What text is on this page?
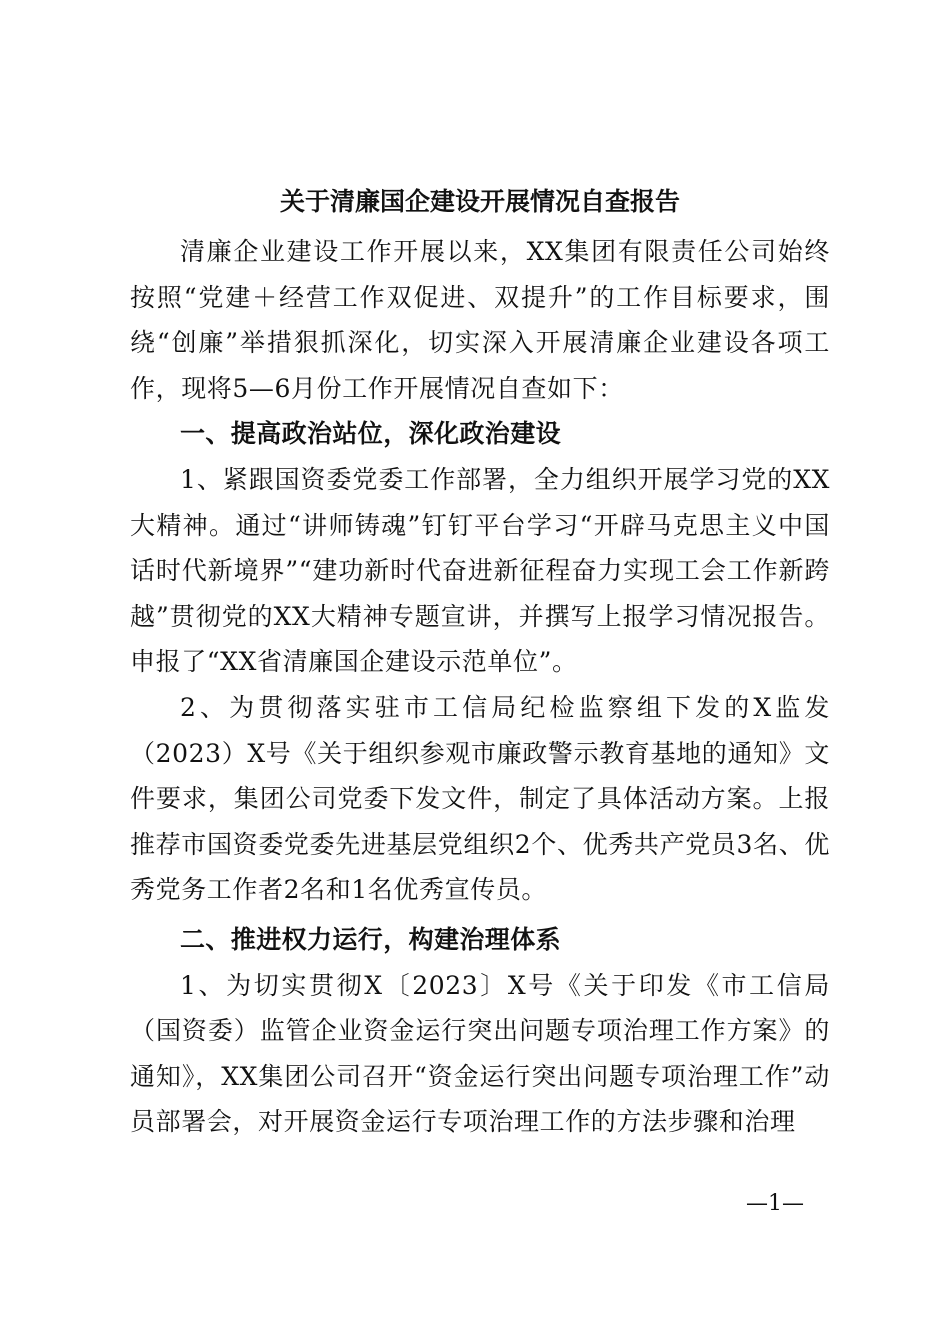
关于清廉国企建设开展情况自查报告

清廉企业建设工作开展以来，XX集团有限责任公司始终按照“党建＋经营工作双促进、双提升”的工作目标要求，围绕“创廉”举措狠抓深化，切实深入开展清廉企业建设各项工作，现将5—6月份工作开展情况自查如下：

一、提高政治站位，深化政治建设

1、紧跟国资委党委工作部署，全力组织开展学习党的XX大精神。通过“讲师铸魂”钉钉平台学习“开辟马克思主义中国话时代新境界”“建功新时代奋进新征程奋力实现工会工作新跨越”贯彻党的XX大精神专题宣讲，并撰写上报学习情况报告。申报了“XX省清廉国企建设示范单位”。

2、为贯彻落实驻市工信局纪检监察组下发的X监发（2023）X号《关于组织参观市廉政警示教育基地的通知》文件要求，集团公司党委下发文件，制定了具体活动方案。上报推荐市国资委党委先进基层党组织2个、优秀共产党员3名、优秀党务工作者2名和1名优秀宣传员。

二、推进权力运行，构建治理体系

1、为切实贯彻X〔2023〕X号《关于印发《市工信局（国资委）监管企业资金运行突出问题专项治理工作方案》的通知》，XX集团公司召开“资金运行突出问题专项治理工作”动员部署会，对开展资金运行专项治理工作的方法步骤和治理

—1—
